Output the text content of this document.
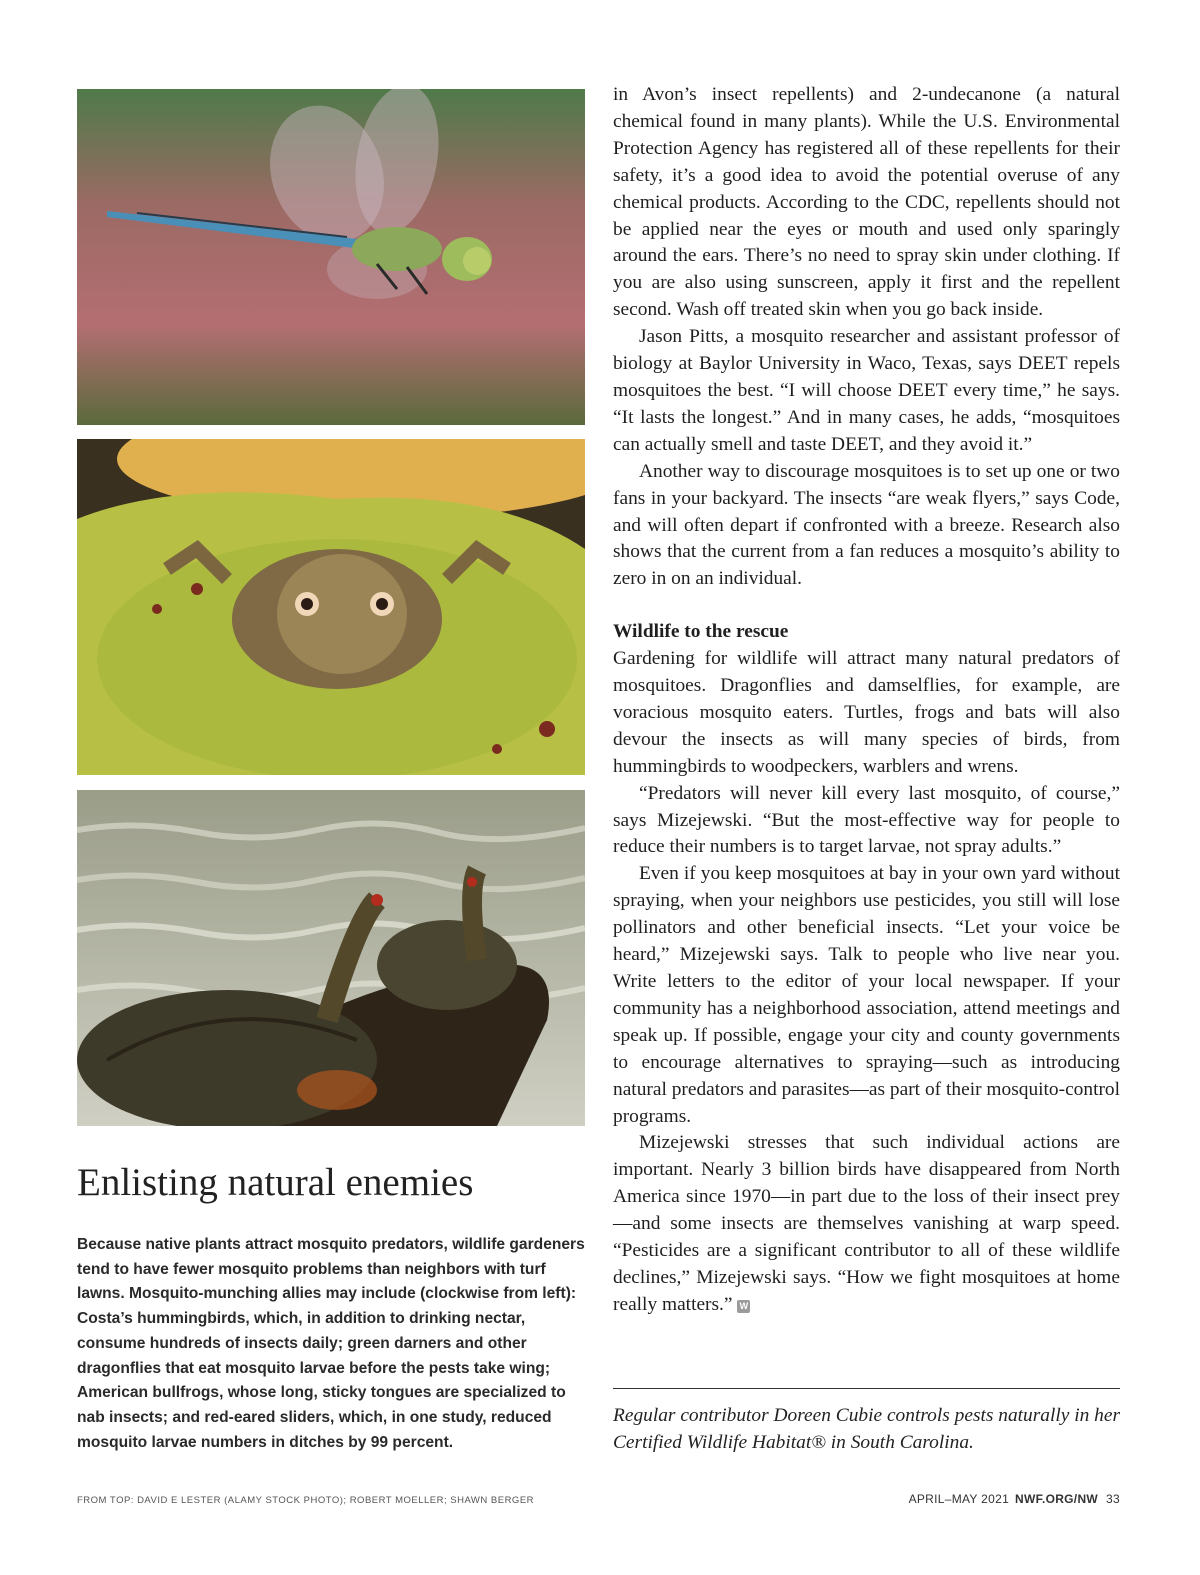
Enlisting natural enemies

Because native plants attract mosquito predators, wildlife gardeners tend to have fewer mosquito problems than neighbors with turf lawns. Mosquito-munching allies may include (clockwise from left): Costa’s hummingbirds, which, in addition to drinking nectar, consume hundreds of insects daily; green darners and other dragonflies that eat mosquito larvae before the pests take wing; American bullfrogs, whose long, sticky tongues are specialized to nab insects; and red-eared sliders, which, in one study, reduced mosquito larvae numbers in ditches by 99 percent.

in Avon’s insect repellents) and 2-undecanone (a natural chemical found in many plants). While the U.S. Environmental Protection Agency has registered all of these repellents for their safety, it’s a good idea to avoid the potential overuse of any chemical products. According to the CDC, repellents should not be applied near the eyes or mouth and used only sparingly around the ears. There’s no need to spray skin under clothing. If you are also using sunscreen, apply it first and the repellent second. Wash off treated skin when you go back inside.

Jason Pitts, a mosquito researcher and assistant professor of biology at Baylor University in Waco, Texas, says DEET repels mosquitoes the best. “I will choose DEET every time,” he says. “It lasts the longest.” And in many cases, he adds, “mosquitoes can actually smell and taste DEET, and they avoid it.”

Another way to discourage mosquitoes is to set up one or two fans in your backyard. The insects “are weak flyers,” says Code, and will often depart if confronted with a breeze. Research also shows that the current from a fan reduces a mosquito’s ability to zero in on an individual.

Wildlife to the rescue

Gardening for wildlife will attract many natural predators of mosquitoes. Dragonflies and damselflies, for example, are voracious mosquito eaters. Turtles, frogs and bats will also devour the insects as will many species of birds, from hummingbirds to woodpeckers, warblers and wrens.

“Predators will never kill every last mosquito, of course,” says Mizejewski. “But the most-effective way for people to reduce their numbers is to target larvae, not spray adults.”

Even if you keep mosquitoes at bay in your own yard without spraying, when your neighbors use pesticides, you still will lose pollinators and other beneficial insects. “Let your voice be heard,” Mizejewski says. Talk to people who live near you. Write letters to the editor of your local newspaper. If your community has a neighborhood association, attend meetings and speak up. If possible, engage your city and county governments to encourage alternatives to spraying—such as introducing natural predators and parasites—as part of their mosquito-control programs.

Mizejewski stresses that such individual actions are important. Nearly 3 billion birds have disappeared from North America since 1970—in part due to the loss of their insect prey—and some insects are themselves vanishing at warp speed. “Pesticides are a significant contributor to all of these wildlife declines,” Mizejewski says. “How we fight mosquitoes at home really matters.” W

Regular contributor Doreen Cubie controls pests naturally in her Certified Wildlife Habitat® in South Carolina.

FROM TOP: DAVID E LESTER (ALAMY STOCK PHOTO); ROBERT MOELLER; SHAWN BERGER	APRIL–MAY 2021 NWF.ORG/NW 33
